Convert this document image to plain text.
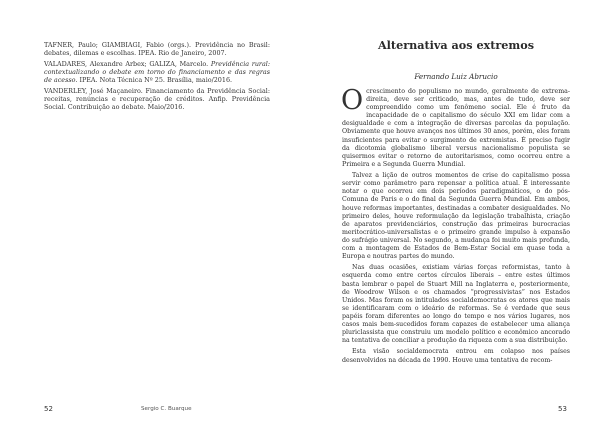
TAFNER, Paulo; GIAMBIAGI, Fabio (orgs.). Previdência no Brasil: debates, dilemas e escolhas. IPEA. Rio de Janeiro, 2007.

VALADARES, Alexandre Arbex; GALIZA, Marcelo. Previdência rural: contextualizando o debate em torno do financiamento e das regras de acesso. IPEA. Nota Técnica Nº 25. Brasília, maio/2016.

VANDERLEY, José Maçaneiro. Financiamento da Previdência Social: receitas, renúncias e recuperação de créditos. Anfip. Previdência Social. Contribuição ao debate. Maio/2016.

52	Sergio C. Buarque
Alternativa aos extremos

Fernando Luiz Abrucio

Ocrescimento do populismo no mundo, geralmente de extrema-direita, deve ser criticado, mas, antes de tudo, deve ser compreendido como um fenômeno social. Ele é fruto da incapacidade de o capitalismo do século XXI em lidar com a desigualdade e com a integração de diversas parcelas da população. Obviamente que houve avanços nos últimos 30 anos, porém, eles foram insuficientes para evitar o surgimento de extremistas. É preciso fugir da dicotomia globalismo liberal versus nacionalismo populista se quisermos evitar o retorno de autoritarismos, como ocorreu entre a Primeira e a Segunda Guerra Mundial.

Talvez a lição de outros momentos de crise do capitalismo possa servir como parâmetro para repensar a política atual. É interessante notar o que ocorreu em dois períodos paradigmáticos, o do pós-Comuna de Paris e o do final da Segunda Guerra Mundial. Em ambos, houve reformas importantes, destinadas a combater desigualdades. No primeiro deles, houve reformulação da legislação trabalhista, criação de aparatos previdenciários, construção das primeiras burocracias meritocrático-universalistas e o primeiro grande impulso à expansão do sufrágio universal. No segundo, a mudança foi muito mais profunda, com a montagem de Estados de Bem-Estar Social em quase toda a Europa e noutras partes do mundo.

Nas duas ocasiões, existiam várias forças reformistas, tanto à esquerda como entre certos círculos liberais – entre estes últimos basta lembrar o papel de Stuart Mill na Inglaterra e, posteriormente, de Woodrow Wilson e os chamados “progressivistas” nos Estados Unidos. Mas foram os intitulados socialdemocratas os atores que mais se identificaram com o ideário de reformas. Se é verdade que seus papéis foram diferentes ao longo do tempo e nos vários lugares, nos casos mais bem-sucedidos foram capazes de estabelecer uma aliança pluriclassista que construiu um modelo político e econômico ancorado na tentativa de conciliar a produção da riqueza com a sua distribuição.

Esta visão socialdemocrata entrou em colapso nos países desenvolvidos na década de 1990. Houve uma tentativa de recom-

53
